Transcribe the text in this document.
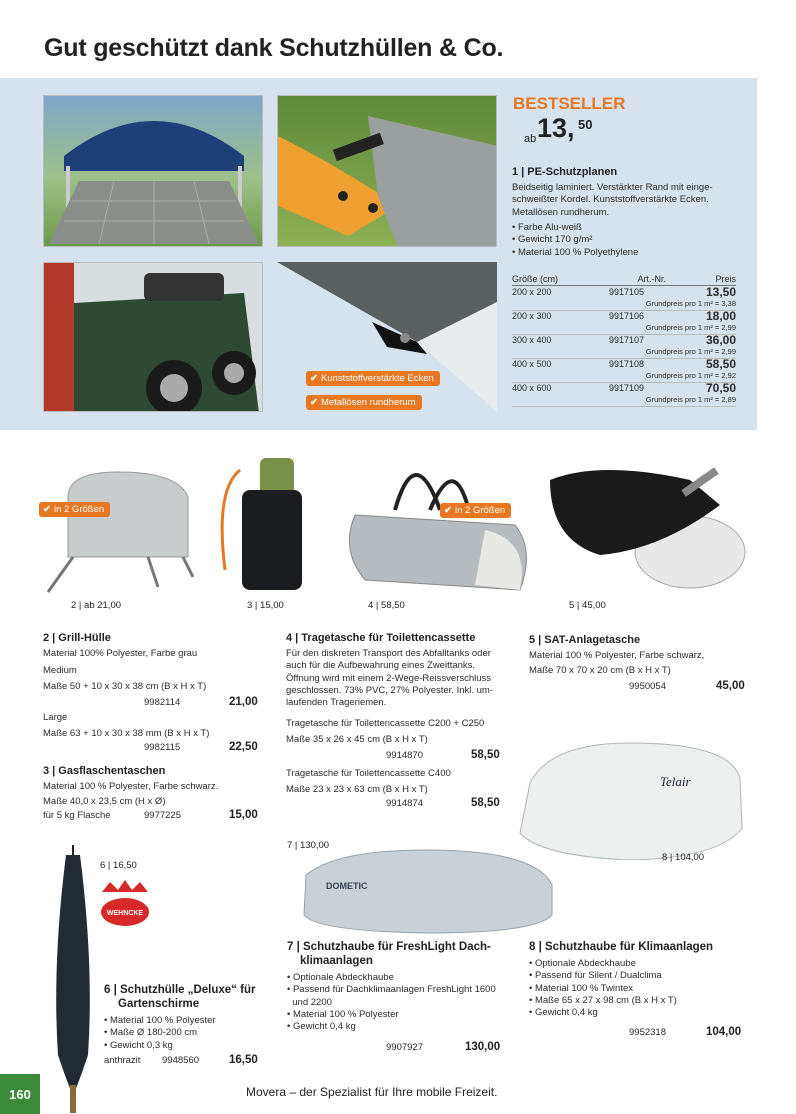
Gut geschützt dank Schutzhüllen & Co.
✔ Kunststoffverstärkte Ecken
✔ Metallösen rundherum
BESTSELLER
ab 13, 50
1 | PE-Schutzplanen
Beidseitig laminiert. Verstärkter Rand mit einge-
schweißter Kordel. Kunststoffverstärkte Ecken.
Metallösen rundherum.
• Farbe Alu-weiß
• Gewicht 170 g/m²
• Material 100 % Polyethylene
Größe (cm)	Art.-Nr.	Preis
200 x 200	9917105	13,50
Grundpreis pro 1 m² = 3,38
200 x 300	9917106	18,00
Grundpreis pro 1 m² = 2,99
300 x 400	9917107	36,00
Grundpreis pro 1 m² = 2,99
400 x 500	9917108	58,50
Grundpreis pro 1 m² = 2,92
400 x 600	9917109	70,50
Grundpreis pro 1 m² = 2,89
✔ in 2 Größen	✔ in 2 Größen
2 | ab 21,00	3 | 15,00	4 | 58,50	5 | 45,00
2 | Grill-Hülle
Material 100% Polyester, Farbe grau
Medium
Maße 50 + 10 x 30 x 38 cm (B x H x T)
9982114	21,00
Large
Maße 63 + 10 x 30 x 38 mm (B x H x T)
9982115	22,50
3 | Gasflaschentaschen
Material 100 % Polyester, Farbe schwarz.
Maße 40,0 x 23,5 cm (H x Ø)
für 5 kg Flasche	9977225	15,00
4 | Tragetasche für Toilettencassette
Für den diskreten Transport des Abfalltanks oder
auch für die Aufbewahrung eines Zweittanks.
Öffnung wird mit einem 2-Wege-Reissverschluss
geschlossen. 73% PVC, 27% Polyester. Inkl. um-
laufenden Trageriemen.
Tragetasche für Toilettencassette C200 + C250
Maße 35 x 26 x 45 cm (B x H x T)
9914870	58,50
Tragetasche für Toilettencassette C400
Maße 23 x 23 x 63 cm (B x H x T)
9914874	58,50
5 | SAT-Anlagetasche
Material 100 % Polyester, Farbe schwarz,
Maße 70 x 70 x 20 cm (B x H x T)
9950054	45,00
Telair
8 | 104,00
WEHNCKE
6 | 16,50
6 | Schutzhülle „Deluxe“ für
Gartenschirme
• Material 100 % Polyester
• Maße Ø 180-200 cm
• Gewicht 0,3 kg
anthrazit 9948560	16,50
7 | 130,00
DOMETIC
7 | Schutzhaube für FreshLight Dach-
klimaanlagen
• Optionale Abdeckhaube
• Passend für Dachklimaanlagen FreshLight 1600
und 2200
• Material 100 % Polyester
• Gewicht 0,4 kg
9907927	130,00
8 | Schutzhaube für Klimaanlagen
• Optionale Abdeckhaube
• Passend für Silent / Dualclima
• Material 100 % Twintex
• Maße 65 x 27 x 98 cm (B x H x T)
• Gewicht 0,4 kg
9952318	104,00
160	Movera – der Spezialist für Ihre mobile Freizeit.
